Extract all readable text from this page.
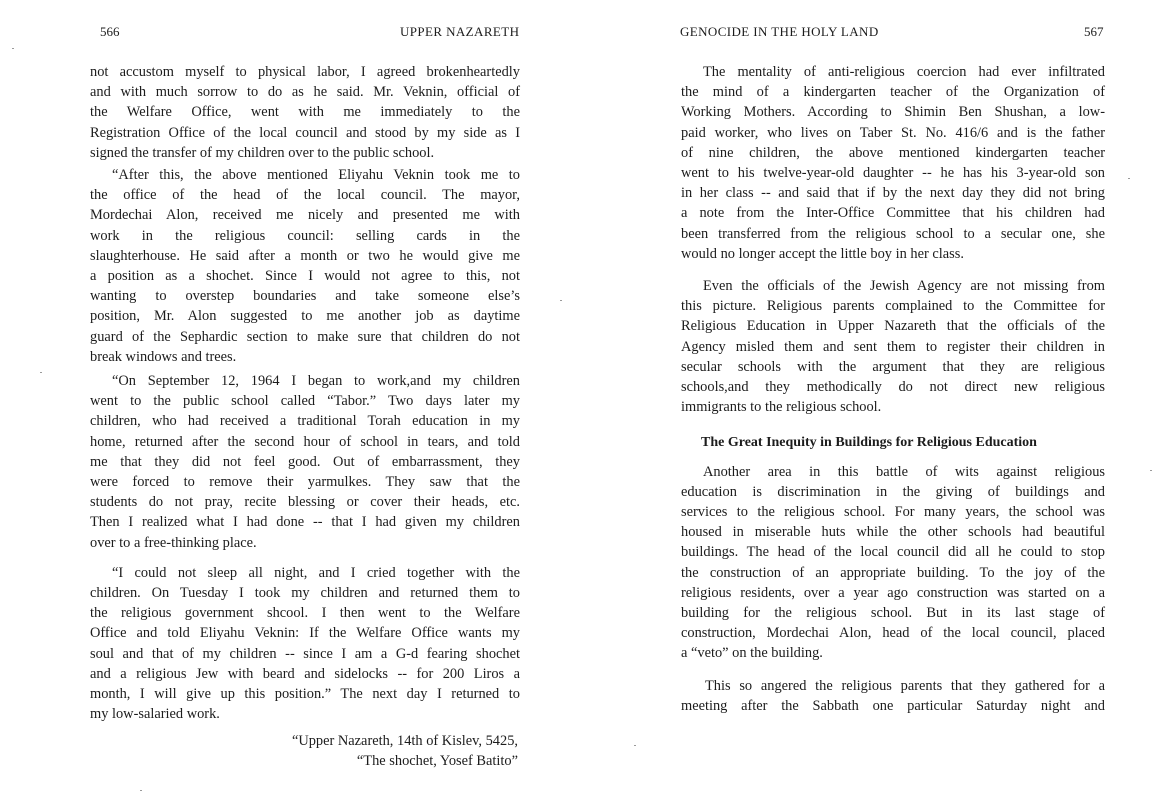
566	UPPER NAZARETH

not accustom myself to physical labor, I agreed brokenheartedly
and with much sorrow to do as he said. Mr. Veknin, official of
the Welfare Office, went with me immediately to the
Registration Office of the local council and stood by my side as I
signed the transfer of my children over to the public school.

“After this, the above mentioned Eliyahu Veknin took me to
the office of the head of the local council. The mayor,
Mordechai Alon, received me nicely and presented me with
work in the religious council: selling cards in the
slaughterhouse. He said after a month or two he would give me
a position as a shochet. Since I would not agree to this, not
wanting to overstep boundaries and take someone else’s
position, Mr. Alon suggested to me another job as daytime
guard of the Sephardic section to make sure that children do not
break windows and trees.

“On September 12, 1964 I began to work,and my children
went to the public school called “Tabor.” Two days later my
children, who had received a traditional Torah education in my
home, returned after the second hour of school in tears, and told
me that they did not feel good. Out of embarrassment, they
were forced to remove their yarmulkes. They saw that the
students do not pray, recite blessing or cover their heads, etc.
Then I realized what I had done -- that I had given my children
over to a free-thinking place.

“I could not sleep all night, and I cried together with the
children. On Tuesday I took my children and returned them to
the religious government shcool. I then went to the Welfare
Office and told Eliyahu Veknin: If the Welfare Office wants my
soul and that of my children -- since I am a G-d fearing shochet
and a religious Jew with beard and sidelocks -- for 200 Liros a
month, I will give up this position.” The next day I returned to
my low-salaried work.

“Upper Nazareth, 14th of Kislev, 5425,
“The shochet, Yosef Batito”
GENOCIDE IN THE HOLY LAND	567

The mentality of anti-religious coercion had ever infiltrated
the mind of a kindergarten teacher of the Organization of
Working Mothers. According to Shimin Ben Shushan, a low-
paid worker, who lives on Taber St. No. 416/6 and is the father
of nine children, the above mentioned kindergarten teacher
went to his twelve-year-old daughter -- he has his 3-year-old son
in her class -- and said that if by the next day they did not bring
a note from the Inter-Office Committee that his children had
been transferred from the religious school to a secular one, she
would no longer accept the little boy in her class.

Even the officials of the Jewish Agency are not missing from
this picture. Religious parents complained to the Committee for
Religious Education in Upper Nazareth that the officials of the
Agency misled them and sent them to register their children in
secular schools with the argument that they are religious
schools,and they methodically do not direct new religious
immigrants to the religious school.

The Great Inequity in Buildings for Religious Education

Another area in this battle of wits against religious
education is discrimination in the giving of buildings and
services to the religious school. For many years, the school was
housed in miserable huts while the other schools had beautiful
buildings. The head of the local council did all he could to stop
the construction of an appropriate building. To the joy of the
religious residents, over a year ago construction was started on a
building for the religious school. But in its last stage of
construction, Mordechai Alon, head of the local council, placed
a “veto” on the building.

This so angered the religious parents that they gathered for a
meeting after the Sabbath one particular Saturday night and
